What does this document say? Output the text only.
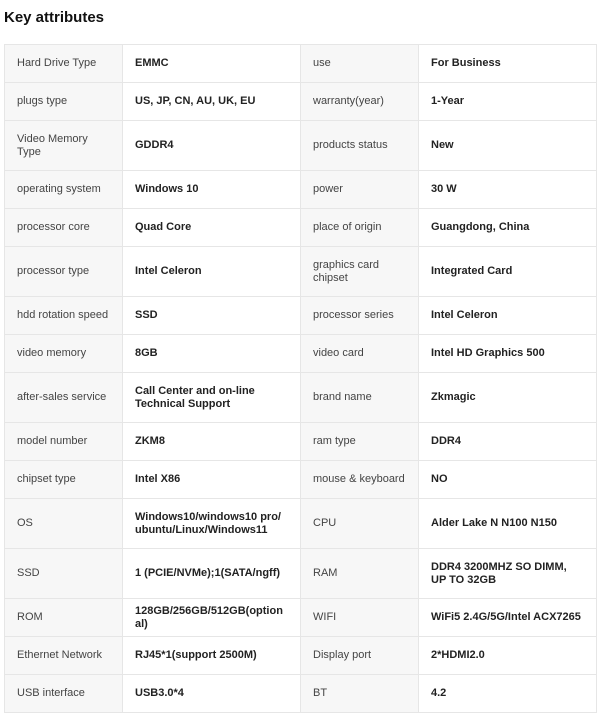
Key attributes
Hard Drive Type	EMMC	use	For Business
plugs type	US, JP, CN, AU, UK, EU	warranty(year)	1-Year
Video Memory Type	GDDR4	products status	New
operating system	Windows 10	power	30 W
processor core	Quad Core	place of origin	Guangdong, China
processor type	Intel Celeron	graphics card chipset	Integrated Card
hdd rotation speed	SSD	processor series	Intel Celeron
video memory	8GB	video card	Intel HD Graphics 500
after-sales service	Call Center and on-line Technical Support	brand name	Zkmagic
model number	ZKM8	ram type	DDR4
chipset type	Intel X86	mouse & keyboard	NO
OS	Windows10/windows10 pro/ ubuntu/Linux/Windows11	CPU	Alder Lake N N100 N150
SSD	1 (PCIE/NVMe);1(SATA/ngff)	RAM	DDR4 3200MHZ SO DIMM, UP TO 32GB
ROM	128GB/256GB/512GB(optional)	WIFI	WiFi5 2.4G/5G/Intel ACX7265
Ethernet Network	RJ45*1(support 2500M)	Display port	2*HDMI2.0
USB interface	USB3.0*4	BT	4.2
